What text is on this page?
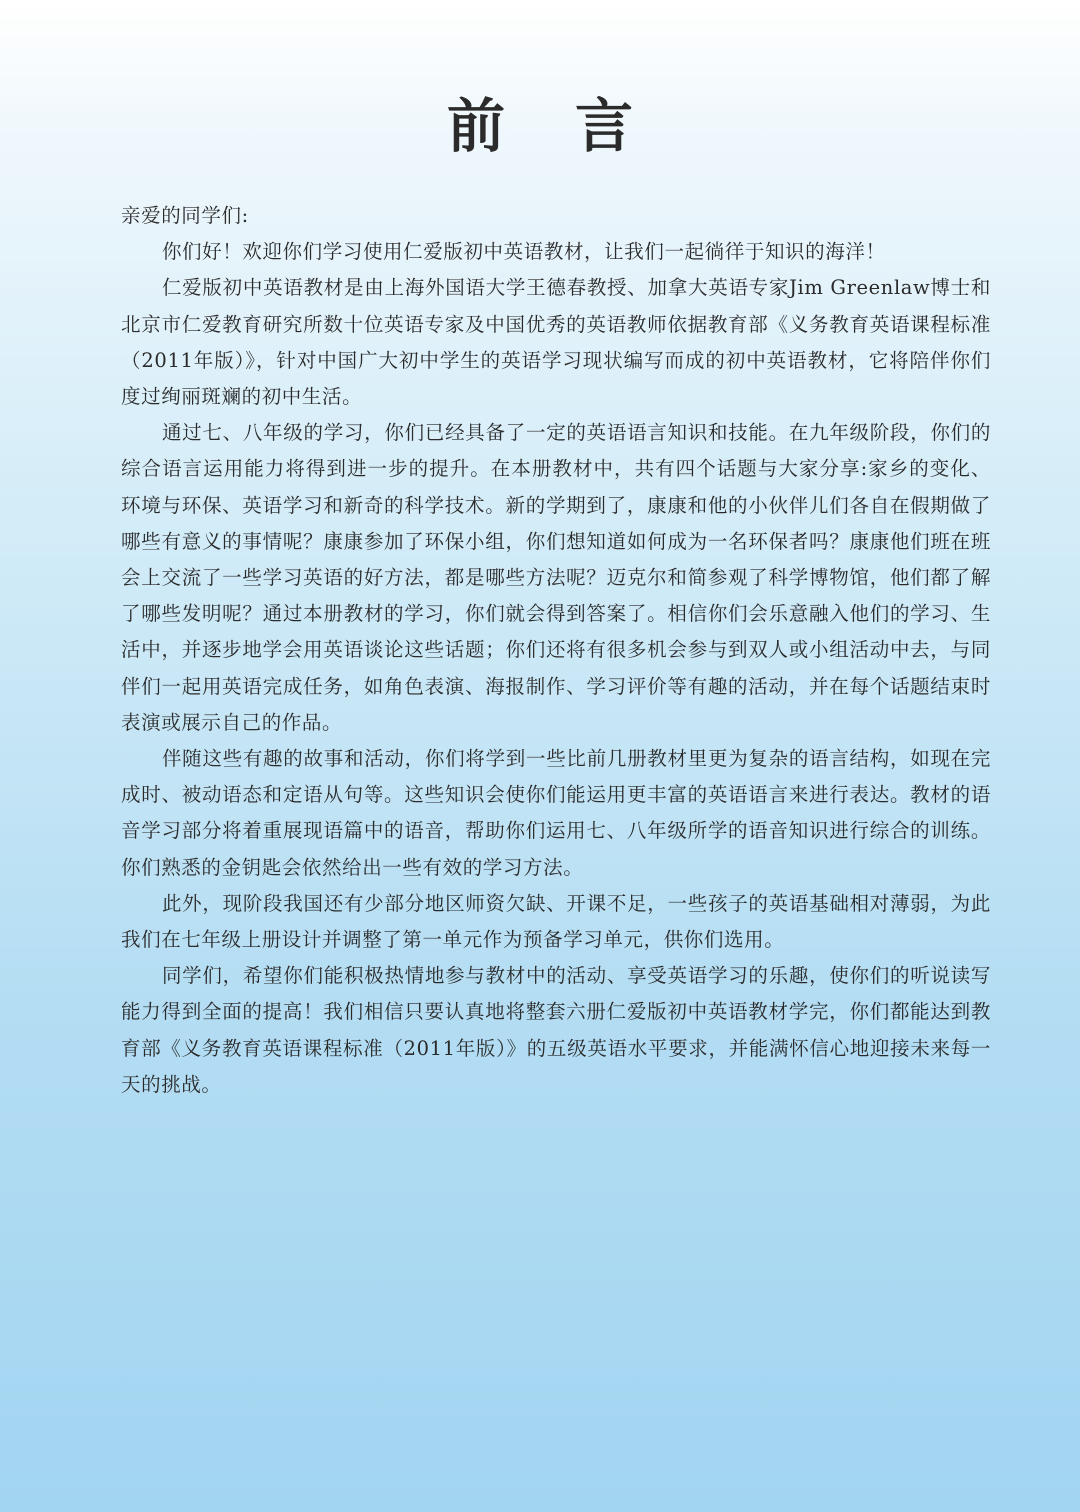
前 言

亲爱的同学们:

你们好！欢迎你们学习使用仁爱版初中英语教材，让我们一起徜徉于知识的海洋！

仁爱版初中英语教材是由上海外国语大学王德春教授、加拿大英语专家Jim Greenlaw博士和北京市仁爱教育研究所数十位英语专家及中国优秀的英语教师依据教育部《义务教育英语课程标准（2011年版）》，针对中国广大初中学生的英语学习现状编写而成的初中英语教材，它将陪伴你们度过绚丽斑斓的初中生活。

通过七、八年级的学习，你们已经具备了一定的英语语言知识和技能。在九年级阶段，你们的综合语言运用能力将得到进一步的提升。在本册教材中，共有四个话题与大家分享:家乡的变化、环境与环保、英语学习和新奇的科学技术。新的学期到了，康康和他的小伙伴儿们各自在假期做了哪些有意义的事情呢？康康参加了环保小组，你们想知道如何成为一名环保者吗？康康他们班在班会上交流了一些学习英语的好方法，都是哪些方法呢？迈克尔和简参观了科学博物馆，他们都了解了哪些发明呢？通过本册教材的学习，你们就会得到答案了。相信你们会乐意融入他们的学习、生活中，并逐步地学会用英语谈论这些话题；你们还将有很多机会参与到双人或小组活动中去，与同伴们一起用英语完成任务，如角色表演、海报制作、学习评价等有趣的活动，并在每个话题结束时表演或展示自己的作品。

伴随这些有趣的故事和活动，你们将学到一些比前几册教材里更为复杂的语言结构，如现在完成时、被动语态和定语从句等。这些知识会使你们能运用更丰富的英语语言来进行表达。教材的语音学习部分将着重展现语篇中的语音，帮助你们运用七、八年级所学的语音知识进行综合的训练。你们熟悉的金钥匙会依然给出一些有效的学习方法。

此外，现阶段我国还有少部分地区师资欠缺、开课不足，一些孩子的英语基础相对薄弱，为此我们在七年级上册设计并调整了第一单元作为预备学习单元，供你们选用。

同学们，希望你们能积极热情地参与教材中的活动、享受英语学习的乐趣，使你们的听说读写能力得到全面的提高！我们相信只要认真地将整套六册仁爱版初中英语教材学完，你们都能达到教育部《义务教育英语课程标准（2011年版）》的五级英语水平要求，并能满怀信心地迎接未来每一天的挑战。
